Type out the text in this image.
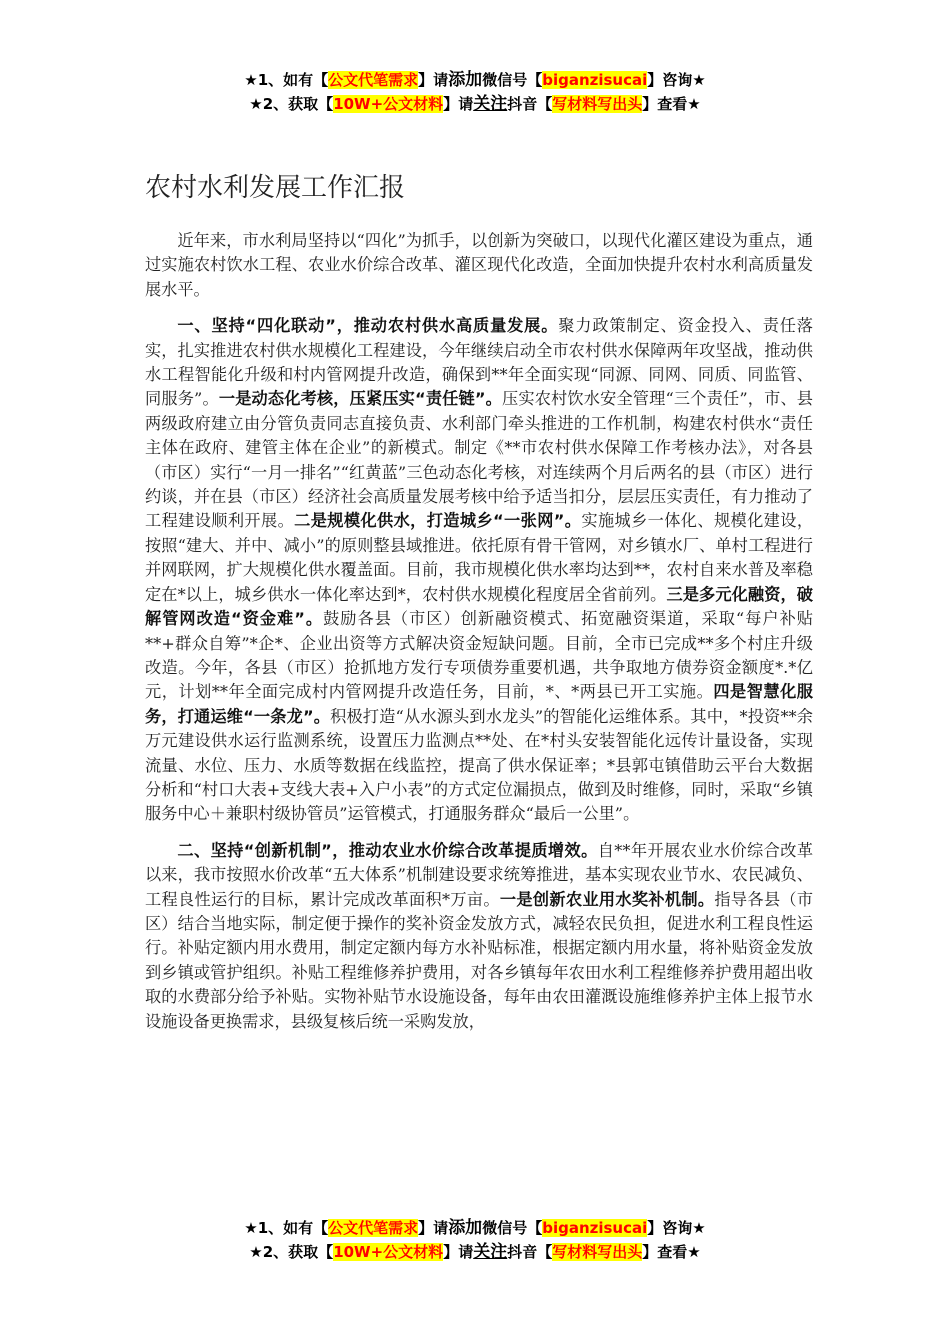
★1、如有【公文代笔需求】请添加微信号【biganzisucai】咨询★
★2、获取【10W+公文材料】请关注抖音【写材料写出头】查看★
农村水利发展工作汇报

近年来，市水利局坚持以“四化”为抓手，以创新为突破口，以现代化灌区建设为重点，通过实施农村饮水工程、农业水价综合改革、灌区现代化改造，全面加快提升农村水利高质量发展水平。

一、坚持“四化联动”，推动农村供水高质量发展。聚力政策制定、资金投入、责任落实，扎实推进农村供水规模化工程建设，今年继续启动全市农村供水保障两年攻坚战，推动供水工程智能化升级和村内管网提升改造，确保到**年全面实现“同源、同网、同质、同监管、同服务”。一是动态化考核，压紧压实“责任链”。压实农村饮水安全管理“三个责任”，市、县两级政府建立由分管负责同志直接负责、水利部门牵头推进的工作机制，构建农村供水“责任主体在政府、建管主体在企业”的新模式。制定《**市农村供水保障工作考核办法》，对各县（市区）实行“一月一排名”“红黄蓝”三色动态化考核，对连续两个月后两名的县（市区）进行约谈，并在县（市区）经济社会高质量发展考核中给予适当扣分，层层压实责任，有力推动了工程建设顺利开展。二是规模化供水，打造城乡“一张网”。实施城乡一体化、规模化建设，按照“建大、并中、减小”的原则整县域推进。依托原有骨干管网，对乡镇水厂、单村工程进行并网联网，扩大规模化供水覆盖面。目前，我市规模化供水率均达到**，农村自来水普及率稳定在*以上，城乡供水一体化率达到*，农村供水规模化程度居全省前列。三是多元化融资，破解管网改造“资金难”。鼓励各县（市区）创新融资模式、拓宽融资渠道，采取“每户补贴**+群众自筹”*企*、企业出资等方式解决资金短缺问题。目前，全市已完成**多个村庄升级改造。今年，各县（市区）抢抓地方发行专项债券重要机遇，共争取地方债券资金额度*.*亿元，计划**年全面完成村内管网提升改造任务，目前，*、*两县已开工实施。四是智慧化服务，打通运维“一条龙”。积极打造“从水源头到水龙头”的智能化运维体系。其中，*投资**余万元建设供水运行监测系统，设置压力监测点**处、在*村头安装智能化远传计量设备，实现流量、水位、压力、水质等数据在线监控，提高了供水保证率；*县郭屯镇借助云平台大数据分析和“村口大表+支线大表+入户小表”的方式定位漏损点，做到及时维修，同时，采取“乡镇服务中心＋兼职村级协管员”运管模式，打通服务群众“最后一公里”。

二、坚持“创新机制”，推动农业水价综合改革提质增效。自**年开展农业水价综合改革以来，我市按照水价改革“五大体系”机制建设要求统筹推进，基本实现农业节水、农民减负、工程良性运行的目标，累计完成改革面积*万亩。一是创新农业用水奖补机制。指导各县（市区）结合当地实际，制定便于操作的奖补资金发放方式，减轻农民负担，促进水利工程良性运行。补贴定额内用水费用，制定定额内每方水补贴标准，根据定额内用水量，将补贴资金发放到乡镇或管护组织。补贴工程维修养护费用，对各乡镇每年农田水利工程维修养护费用超出收取的水费部分给予补贴。实物补贴节水设施设备，每年由农田灌溉设施维修养护主体上报节水设施设备更换需求，县级复核后统一采购发放，

★1、如有【公文代笔需求】请添加微信号【biganzisucai】咨询★
★2、获取【10W+公文材料】请关注抖音【写材料写出头】查看★
